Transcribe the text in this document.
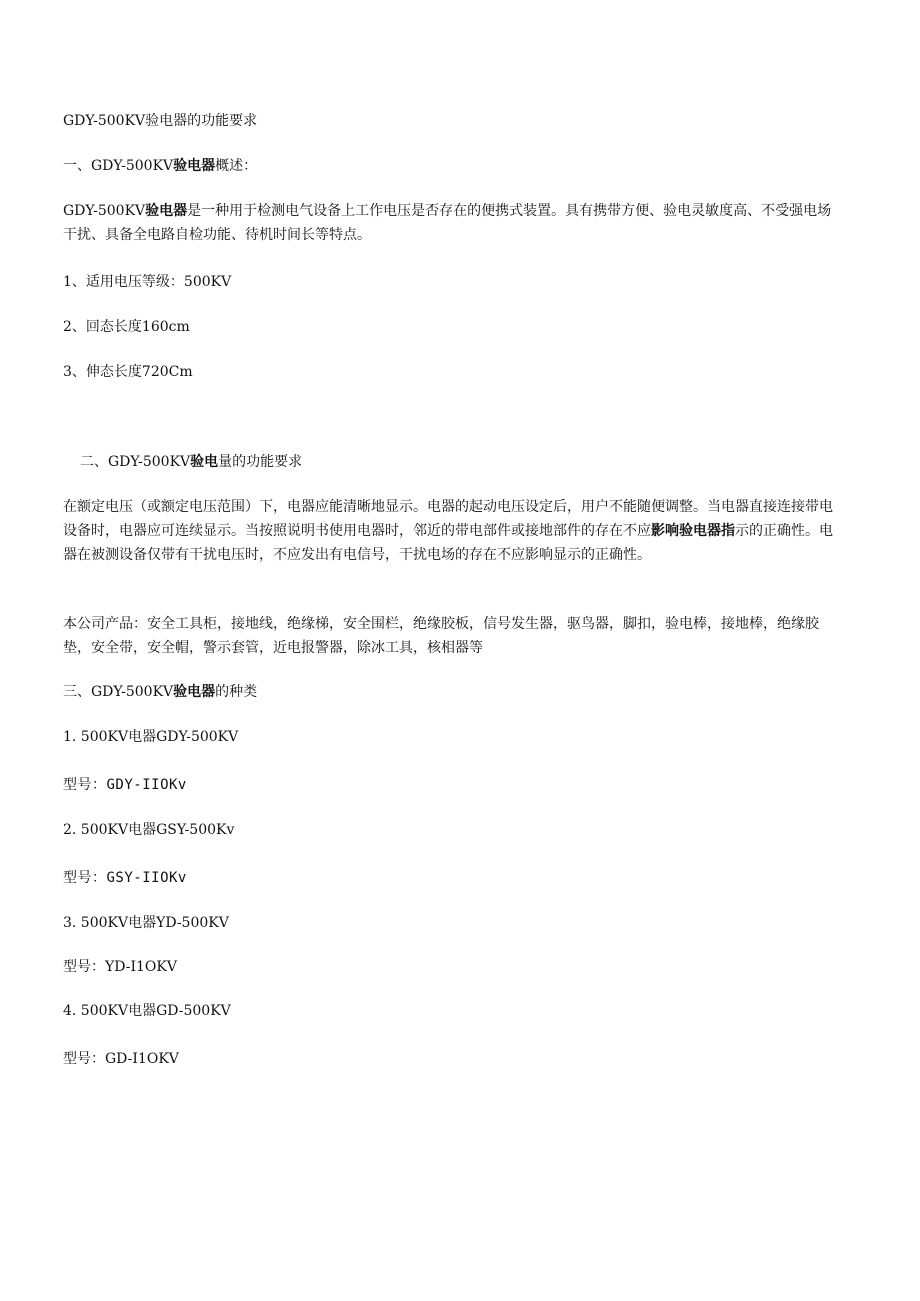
GDY-500KV验电器的功能要求
一、GDY-500KV验电器概述：
GDY-500KV验电器是一种用于检测电气设备上工作电压是否存在的便携式装置。具有携带方便、验电灵敏度高、不受强电场干扰、具备全电路自检功能、待机时间长等特点。
1、适用电压等级：500KV
2、回态长度160cm
3、伸态长度720Cm
二、GDY-500KV验电量的功能要求
在额定电压（或额定电压范围）下，电器应能清晰地显示。电器的起动电压设定后，用户不能随便调整。当电器直接连接带电设备时，电器应可连续显示。当按照说明书使用电器时，邻近的带电部件或接地部件的存在不应影响验电器指示的正确性。电器在被测设备仅带有干扰电压时，不应发出有电信号，干扰电场的存在不应影响显示的正确性。
本公司产品：安全工具柜，接地线，绝缘梯，安全围栏，绝缘胶板，信号发生器，驱鸟器，脚扣，验电棒，接地棒，绝缘胶垫，安全带，安全帽，警示套管，近电报警器，除冰工具，核相器等
三、GDY-500KV验电器的种类
1. 500KV电器GDY-500KV
型号：GDY-IIOKv
2. 500KV电器GSY-500Kv
型号：GSY-IIOKv
3. 500KV电器YD-500KV
型号：YD-I1OKV
4. 500KV电器GD-500KV
型号：GD-I1OKV
